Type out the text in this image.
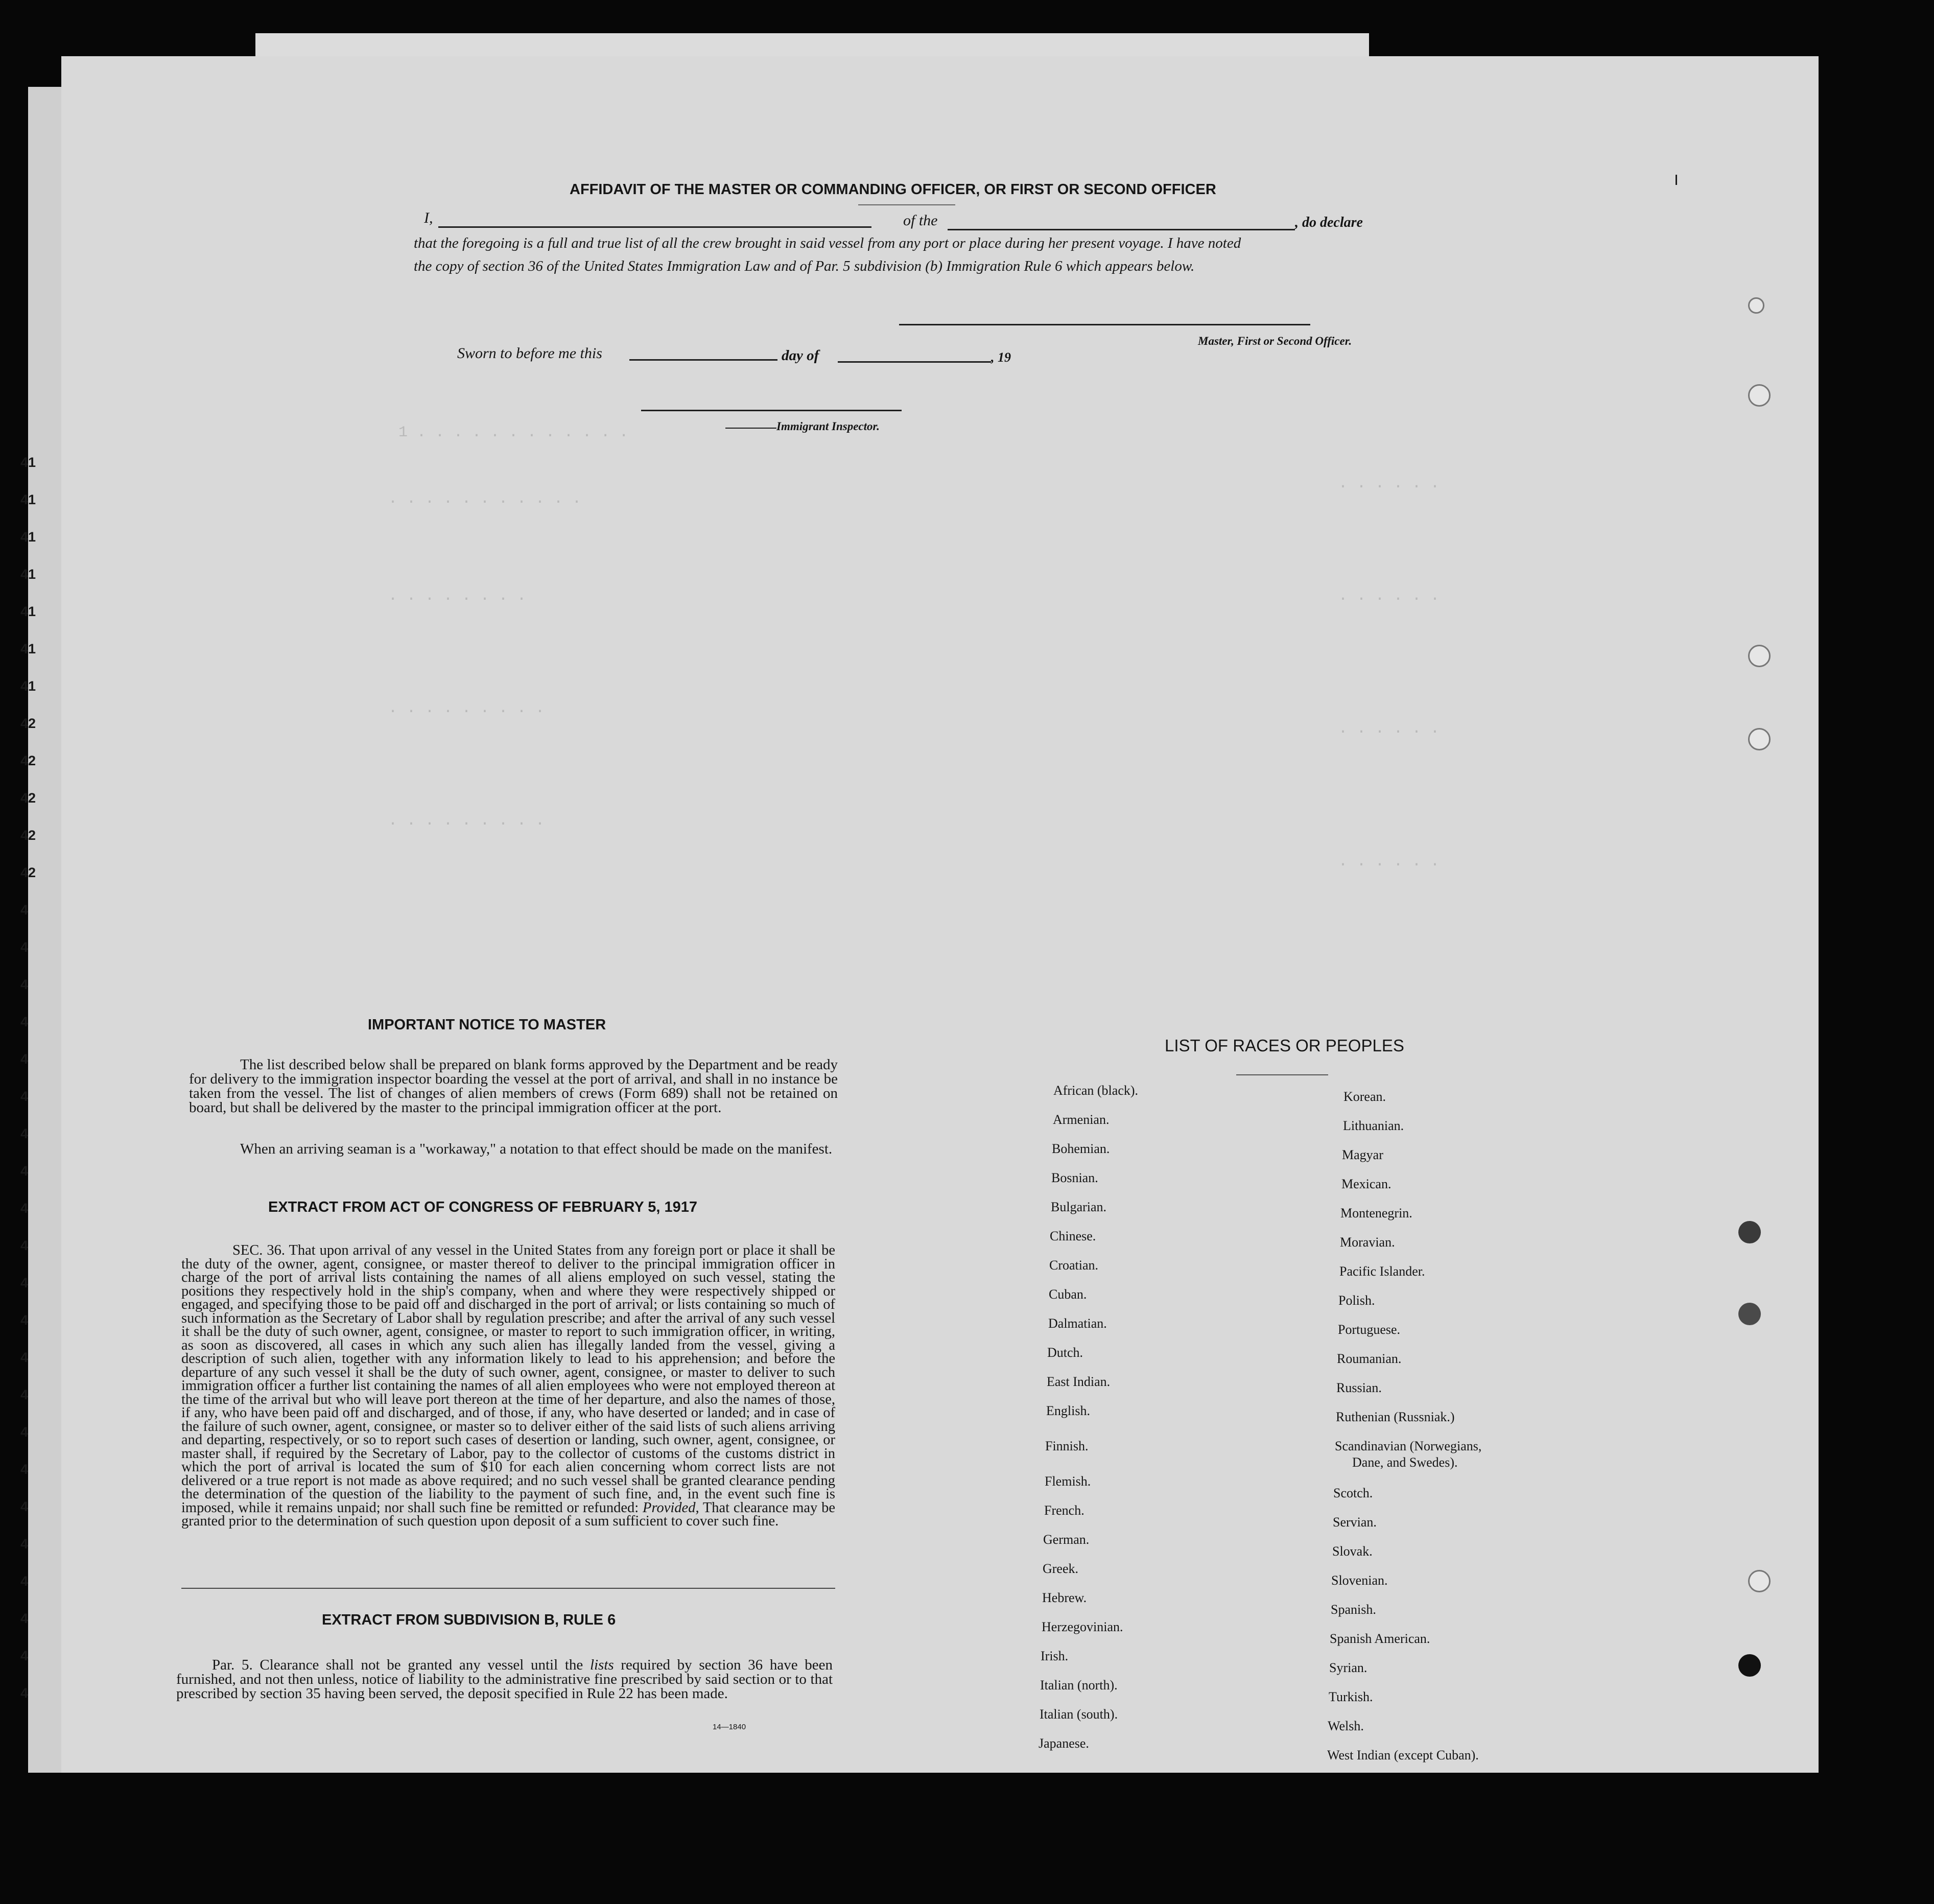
41
41
41
41
41
41
41
42
42
42
42
42
4
4
4
4
4
4
4
4
4
4
4
4
4
4
4
4
4
4
4
4
4
4
1 . . . . . . . . . . . .
. . . . . . . . . . .
. . . . . . . .
. . . . . . . . .
. . . . . . . . .
. . . . . .
. . . . . .
. . . . . .
. . . . . .
AFFIDAVIT OF THE MASTER OR COMMANDING OFFICER, OR FIRST OR SECOND OFFICER
I,	of the	, do declare
that the foregoing is a full and true list of all the crew brought in said vessel from any port or place during her present voyage. I have noted
the copy of section 36 of the United States Immigration Law and of Par. 5 subdivision (b) Immigration Rule 6 which appears below.
Master, First or Second Officer.
Sworn to before me this	day of	, 19
Immigrant Inspector.
IMPORTANT NOTICE TO MASTER
The list described below shall be prepared on blank forms approved by the Department and be ready for delivery to the immigration inspector boarding the vessel at the port of arrival, and shall in no instance be taken from the vessel. The list of changes of alien members of crews (Form 689) shall not be retained on board, but shall be delivered by the master to the principal immigration officer at the port.
When an arriving seaman is a "workaway," a notation to that effect should be made on the manifest.
EXTRACT FROM ACT OF CONGRESS OF FEBRUARY 5, 1917
SEC. 36. That upon arrival of any vessel in the United States from any foreign port or place it shall be the duty of the owner, agent, consignee, or master thereof to deliver to the principal immigration officer in charge of the port of arrival lists containing the names of all aliens employed on such vessel, stating the positions they respectively hold in the ship's company, when and where they were respectively shipped or engaged, and specifying those to be paid off and discharged in the port of arrival; or lists containing so much of such information as the Secretary of Labor shall by regulation prescribe; and after the arrival of any such vessel it shall be the duty of such owner, agent, consignee, or master to report to such immigration officer, in writing, as soon as discovered, all cases in which any such alien has illegally landed from the vessel, giving a description of such alien, together with any information likely to lead to his apprehension; and before the departure of any such vessel it shall be the duty of such owner, agent, consignee, or master to deliver to such immigration officer a further list containing the names of all alien employees who were not employed thereon at the time of the arrival but who will leave port thereon at the time of her departure, and also the names of those, if any, who have been paid off and discharged, and of those, if any, who have deserted or landed; and in case of the failure of such owner, agent, consignee, or master so to deliver either of the said lists of such aliens arriving and departing, respectively, or so to report such cases of desertion or landing, such owner, agent, consignee, or master shall, if required by the Secretary of Labor, pay to the collector of customs of the customs district in which the port of arrival is located the sum of $10 for each alien concerning whom correct lists are not delivered or a true report is not made as above required; and no such vessel shall be granted clearance pending the determination of the question of the liability to the payment of such fine, and, in the event such fine is imposed, while it remains unpaid; nor shall such fine be remitted or refunded: Provided, That clearance may be granted prior to the determination of such question upon deposit of a sum sufficient to cover such fine.
EXTRACT FROM SUBDIVISION B, RULE 6
Par. 5. Clearance shall not be granted any vessel until the lists required by section 36 have been furnished, and not then unless, notice of liability to the administrative fine prescribed by said section or to that prescribed by section 35 having been served, the deposit specified in Rule 22 has been made.
14—1840
LIST OF RACES OR PEOPLES
African (black).
Armenian.
Bohemian.
Bosnian.
Bulgarian.
Chinese.
Croatian.
Cuban.
Dalmatian.
Dutch.
East Indian.
English.
Finnish.
Flemish.
French.
German.
Greek.
Hebrew.
Herzegovinian.
Irish.
Italian (north).
Italian (south).
Japanese.
Korean.
Lithuanian.
Magyar
Mexican.
Montenegrin.
Moravian.
Pacific Islander.
Polish.
Portuguese.
Roumanian.
Russian.
Ruthenian (Russniak.)
Scandinavian (Norwegians,
Dane, and Swedes).
Scotch.
Servian.
Slovak.
Slovenian.
Spanish.
Spanish American.
Syrian.
Turkish.
Welsh.
West Indian (except Cuban).
